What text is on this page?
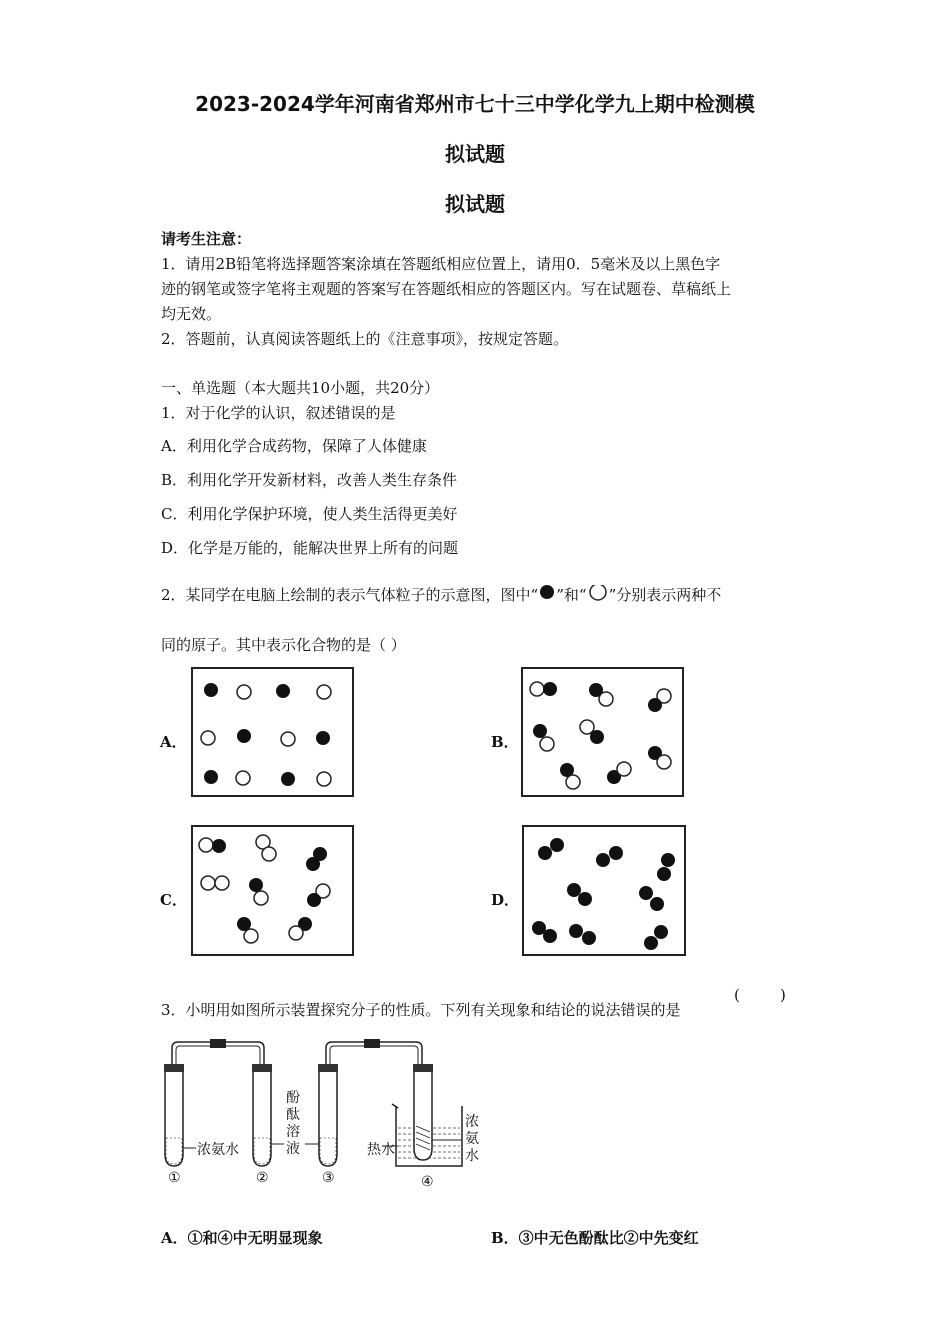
2023-2024学年河南省郑州市七十三中学化学九上期中检测模
拟试题
拟试题
请考生注意：
1．请用2B铅笔将选择题答案涂填在答题纸相应位置上，请用0．5毫米及以上黑色字
迹的钢笔或签字笔将主观题的答案写在答题纸相应的答题区内。写在试题卷、草稿纸上
均无效。
2．答题前，认真阅读答题纸上的《注意事项》，按规定答题。
一、单选题（本大题共10小题，共20分）
1．对于化学的认识，叙述错误的是
A．利用化学合成药物，保障了人体健康
B．利用化学开发新材料，改善人类生存条件
C．利用化学保护环境，使人类生活得更美好
D．化学是万能的，能解决世界上所有的问题
2．某同学在电脑上绘制的表示气体粒子的示意图，图中“ ”和“ ”分别表示两种不
同的原子。其中表示化合物的是（ ）
A．	B．
C．	D．
3．小明用如图所示装置探究分子的性质。下列有关现象和结论的说法错误的是
(	)
浓氨水
酚酞溶液	热水
浓氨水
①	②	③	④
A．①和④中无明显现象	B．③中无色酚酞比②中先变红
